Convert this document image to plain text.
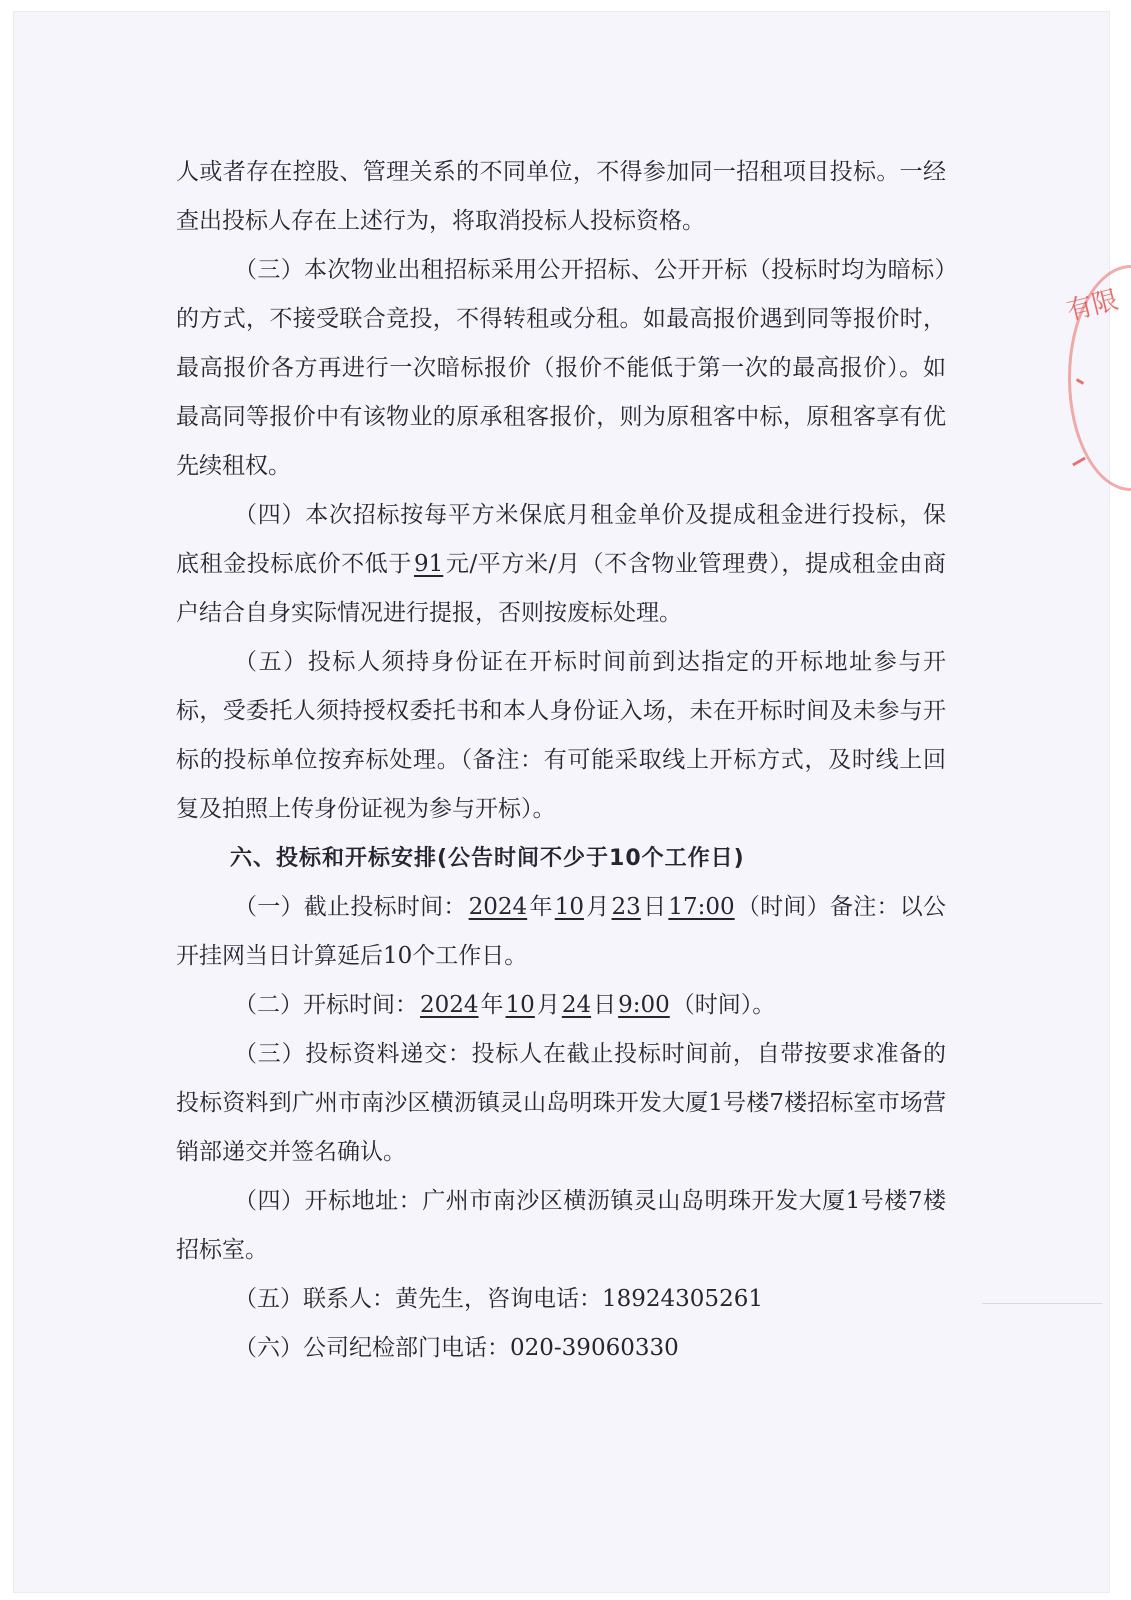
有限

人或者存在控股、管理关系的不同单位，不得参加同一招租项目投标。一经查出投标人存在上述行为，将取消投标人投标资格。

（三）本次物业出租招标采用公开招标、公开开标（投标时均为暗标）的方式，不接受联合竞投，不得转租或分租。如最高报价遇到同等报价时，最高报价各方再进行一次暗标报价（报价不能低于第一次的最高报价）。如最高同等报价中有该物业的原承租客报价，则为原租客中标，原租客享有优先续租权。

（四）本次招标按每平方米保底月租金单价及提成租金进行投标，保底租金投标底价不低于91元/平方米/月（不含物业管理费），提成租金由商户结合自身实际情况进行提报，否则按废标处理。

（五）投标人须持身份证在开标时间前到达指定的开标地址参与开标，受委托人须持授权委托书和本人身份证入场，未在开标时间及未参与开标的投标单位按弃标处理。（备注：有可能采取线上开标方式，及时线上回复及拍照上传身份证视为参与开标）。

六、投标和开标安排(公告时间不少于10个工作日)

（一）截止投标时间：2024年10月23日17:00（时间）备注：以公开挂网当日计算延后10个工作日。

（二）开标时间：2024年10月24日9:00（时间）。

（三）投标资料递交：投标人在截止投标时间前，自带按要求准备的投标资料到广州市南沙区横沥镇灵山岛明珠开发大厦1号楼7楼招标室市场营销部递交并签名确认。

（四）开标地址：广州市南沙区横沥镇灵山岛明珠开发大厦1号楼7楼招标室。

（五）联系人：黄先生，咨询电话：18924305261

（六）公司纪检部门电话：020-39060330
